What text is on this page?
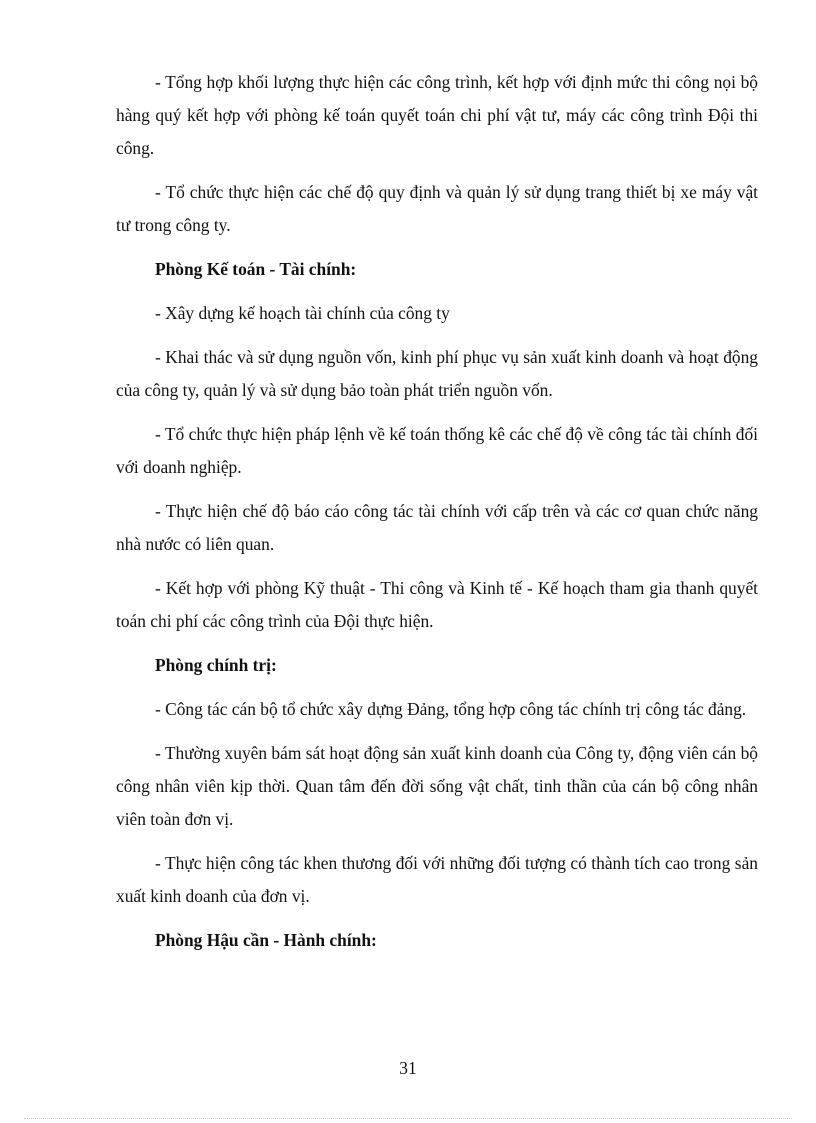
- Tổng hợp khối lượng thực hiện các công trình, kết hợp với định mức thi công nọi bộ hàng quý kết hợp với phòng kế toán quyết toán chi phí vật tư, máy các công trình Đội thi công.

- Tổ chức thực hiện các chế độ quy định và quản lý sử dụng trang thiết bị xe máy vật tư trong công ty.

Phòng Kế toán - Tài chính:

- Xây dựng kế hoạch tài chính của công ty

- Khai thác và sử dụng nguồn vốn, kinh phí phục vụ sản xuất kinh doanh và hoạt động của công ty, quản lý và sử dụng bảo toàn phát triển nguồn vốn.

- Tổ chức thực hiện pháp lệnh về kế toán thống kê các chế độ về công tác tài chính đối với doanh nghiệp.

- Thực hiện chế độ báo cáo công tác tài chính với cấp trên và các cơ quan chức năng nhà nước có liên quan.

- Kết hợp với phòng Kỹ thuật - Thi công và Kinh tế - Kế hoạch tham gia thanh quyết toán chi phí các công trình của Đội thực hiện.

Phòng chính trị:

- Công tác cán bộ tổ chức xây dựng Đảng, tổng hợp công tác chính trị công tác đảng.

- Thường xuyên bám sát hoạt động sản xuất kinh doanh của Công ty, động viên cán bộ công nhân viên kịp thời. Quan tâm đến đời sống vật chất, tinh thần của cán bộ công nhân viên toàn đơn vị.

- Thực hiện công tác khen thương đối với những đối tượng có thành tích cao trong sản xuất kinh doanh của đơn vị.

Phòng Hậu cần - Hành chính:

31
